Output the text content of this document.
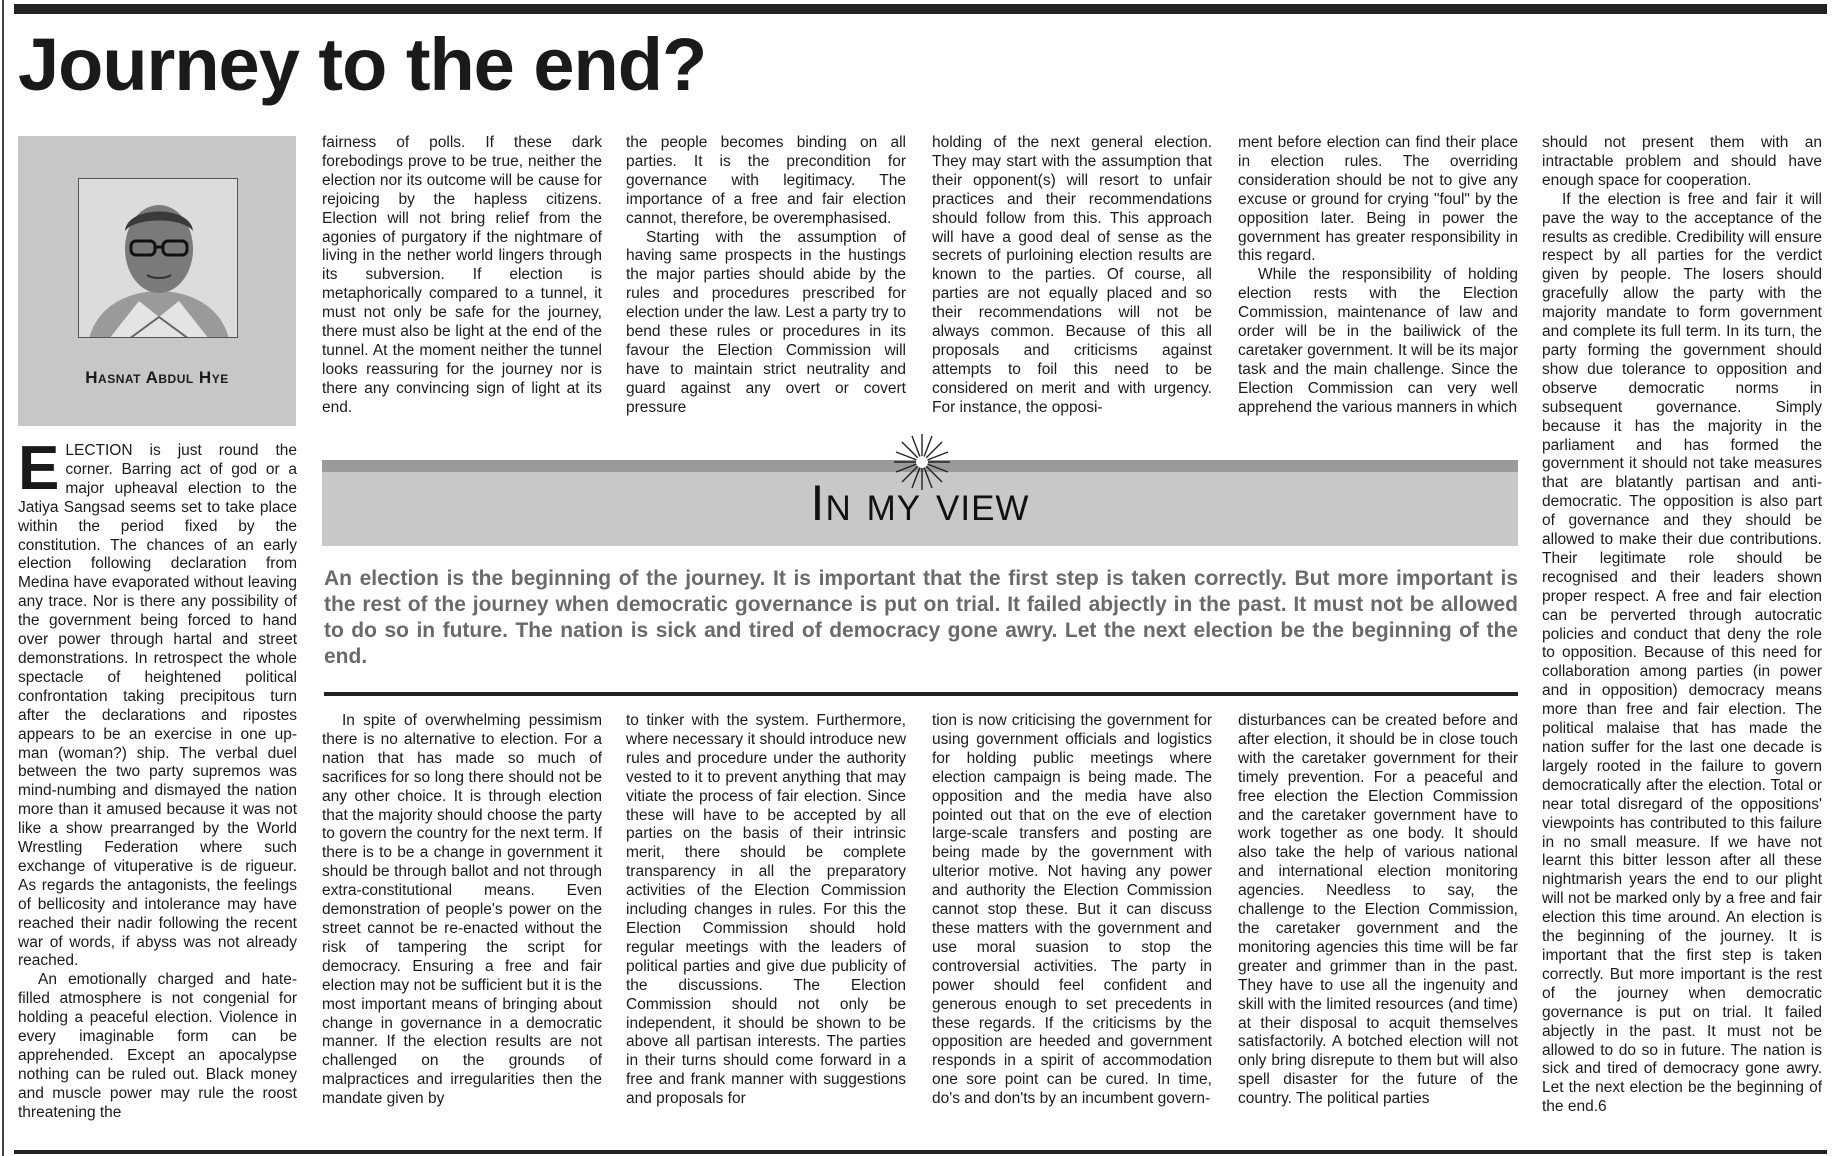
Journey to the end?
Hasnat Abdul Hye

ELECTION is just round the corner. Barring act of god or a major upheaval election to the Jatiya Sangsad seems set to take place within the period fixed by the constitution. The chances of an early election following declaration from Medina have evaporated without leaving any trace. Nor is there any possibility of the government being forced to hand over power through hartal and street demonstrations. In retrospect the whole spectacle of heightened political confrontation taking precipitous turn after the declarations and ripostes appears to be an exercise in one up-man (woman?) ship. The verbal duel between the two party supremos was mind-numbing and dismayed the nation more than it amused because it was not like a show prearranged by the World Wrestling Federation where such exchange of vituperative is de rigueur. As regards the antagonists, the feelings of bellicosity and intolerance may have reached their nadir following the recent war of words, if abyss was not already reached.

An emotionally charged and hate-filled atmosphere is not congenial for holding a peaceful election. Violence in every imaginable form can be apprehended. Except an apocalypse nothing can be ruled out. Black money and muscle power may rule the roost threatening the

fairness of polls. If these dark forebodings prove to be true, neither the election nor its outcome will be cause for rejoicing by the hapless citizens. Election will not bring relief from the agonies of purgatory if the nightmare of living in the nether world lingers through its subversion. If election is metaphorically compared to a tunnel, it must not only be safe for the journey, there must also be light at the end of the tunnel. At the moment neither the tunnel looks reassuring for the journey nor is there any convincing sign of light at its end.

the people becomes binding on all parties. It is the precondition for governance with legitimacy. The importance of a free and fair election cannot, therefore, be overemphasised.

Starting with the assumption of having same prospects in the hustings the major parties should abide by the rules and procedures prescribed for election under the law. Lest a party try to bend these rules or procedures in its favour the Election Commission will have to maintain strict neutrality and guard against any overt or covert pressure

holding of the next general election. They may start with the assumption that their opponent(s) will resort to unfair practices and their recommendations should follow from this. This approach will have a good deal of sense as the secrets of purloining election results are known to the parties. Of course, all parties are not equally placed and so their recommendations will not be always common. Because of this all proposals and criticisms against attempts to foil this need to be considered on merit and with urgency. For instance, the opposi-

ment before election can find their place in election rules. The overriding consideration should be not to give any excuse or ground for crying "foul" by the opposition later. Being in power the government has greater responsibility in this regard.

While the responsibility of holding election rests with the Election Commission, maintenance of law and order will be in the bailiwick of the caretaker government. It will be its major task and the main challenge. Since the Election Commission can very well apprehend the various manners in which

In my view

An election is the beginning of the journey. It is important that the first step is taken correctly. But more important is the rest of the journey when democratic governance is put on trial. It failed abjectly in the past. It must not be allowed to do so in future. The nation is sick and tired of democracy gone awry. Let the next election be the beginning of the end.

In spite of overwhelming pessimism there is no alternative to election. For a nation that has made so much of sacrifices for so long there should not be any other choice. It is through election that the majority should choose the party to govern the country for the next term. If there is to be a change in government it should be through ballot and not through extra-constitutional means. Even demonstration of people's power on the street cannot be re-enacted without the risk of tampering the script for democracy. Ensuring a free and fair election may not be sufficient but it is the most important means of bringing about change in governance in a democratic manner. If the election results are not challenged on the grounds of malpractices and irregularities then the mandate given by

to tinker with the system. Furthermore, where necessary it should introduce new rules and procedure under the authority vested to it to prevent anything that may vitiate the process of fair election. Since these will have to be accepted by all parties on the basis of their intrinsic merit, there should be complete transparency in all the preparatory activities of the Election Commission including changes in rules. For this the Election Commission should hold regular meetings with the leaders of political parties and give due publicity of the discussions. The Election Commission should not only be independent, it should be shown to be above all partisan interests. The parties in their turns should come forward in a free and frank manner with suggestions and proposals for

tion is now criticising the government for using government officials and logistics for holding public meetings where election campaign is being made. The opposition and the media have also pointed out that on the eve of election large-scale transfers and posting are being made by the government with ulterior motive. Not having any power and authority the Election Commission cannot stop these. But it can discuss these matters with the government and use moral suasion to stop the controversial activities. The party in power should feel confident and generous enough to set precedents in these regards. If the criticisms by the opposition are heeded and government responds in a spirit of accommodation one sore point can be cured. In time, do's and don'ts by an incumbent govern-

disturbances can be created before and after election, it should be in close touch with the caretaker government for their timely prevention. For a peaceful and free election the Election Commission and the caretaker government have to work together as one body. It should also take the help of various national and international election monitoring agencies. Needless to say, the challenge to the Election Commission, the caretaker government and the monitoring agencies this time will be far greater and grimmer than in the past. They have to use all the ingenuity and skill with the limited resources (and time) at their disposal to acquit themselves satisfactorily. A botched election will not only bring disrepute to them but will also spell disaster for the future of the country. The political parties

should not present them with an intractable problem and should have enough space for cooperation.

If the election is free and fair it will pave the way to the acceptance of the results as credible. Credibility will ensure respect by all parties for the verdict given by people. The losers should gracefully allow the party with the majority mandate to form government and complete its full term. In its turn, the party forming the government should show due tolerance to opposition and observe democratic norms in subsequent governance. Simply because it has the majority in the parliament and has formed the government it should not take measures that are blatantly partisan and anti-democratic. The opposition is also part of governance and they should be allowed to make their due contributions. Their legitimate role should be recognised and their leaders shown proper respect. A free and fair election can be perverted through autocratic policies and conduct that deny the role to opposition. Because of this need for collaboration among parties (in power and in opposition) democracy means more than free and fair election. The political malaise that has made the nation suffer for the last one decade is largely rooted in the failure to govern democratically after the election. Total or near total disregard of the oppositions' viewpoints has contributed to this failure in no small measure. If we have not learnt this bitter lesson after all these nightmarish years the end to our plight will not be marked only by a free and fair election this time around. An election is the beginning of the journey. It is important that the first step is taken correctly. But more important is the rest of the journey when democratic governance is put on trial. It failed abjectly in the past. It must not be allowed to do so in future. The nation is sick and tired of democracy gone awry. Let the next election be the beginning of the end.6
